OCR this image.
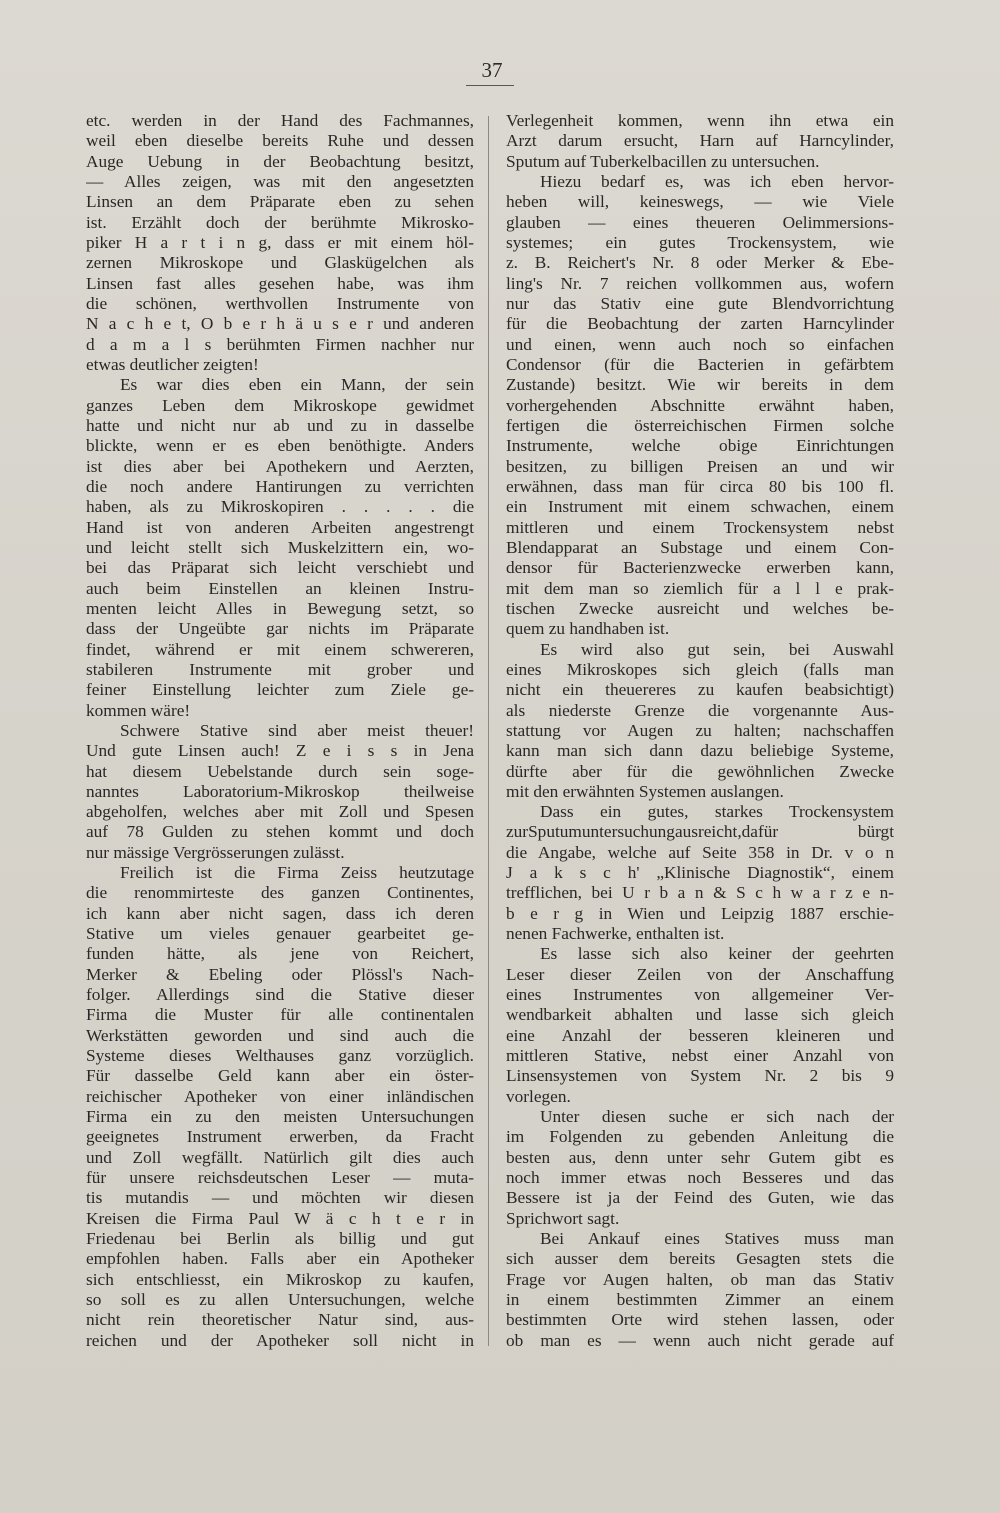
37
etc. werden in der Hand des Fachmannes,
weil eben dieselbe bereits Ruhe und dessen
Auge Uebung in der Beobachtung besitzt,
— Alles zeigen, was mit den angesetzten
Linsen an dem Präparate eben zu sehen
ist. Erzählt doch der berühmte Mikrosko-
piker H a r t i n g, dass er mit einem höl-
zernen Mikroskope und Glaskügelchen als
Linsen fast alles gesehen habe, was ihm
die schönen, werthvollen Instrumente von
N a c h e t, O b e r h ä u s e r und anderen
d a m a l s berühmten Firmen nachher nur
etwas deutlicher zeigten!
Es war dies eben ein Mann, der sein
ganzes Leben dem Mikroskope gewidmet
hatte und nicht nur ab und zu in dasselbe
blickte, wenn er es eben benöthigte. Anders
ist dies aber bei Apothekern und Aerzten,
die noch andere Hantirungen zu verrichten
haben, als zu Mikroskopiren . . . . . die
Hand ist von anderen Arbeiten angestrengt
und leicht stellt sich Muskelzittern ein, wo-
bei das Präparat sich leicht verschiebt und
auch beim Einstellen an kleinen Instru-
menten leicht Alles in Bewegung setzt, so
dass der Ungeübte gar nichts im Präparate
findet, während er mit einem schwereren,
stabileren Instrumente mit grober und
feiner Einstellung leichter zum Ziele ge-
kommen wäre!
Schwere Stative sind aber meist theuer!
Und gute Linsen auch! Z e i s s in Jena
hat diesem Uebelstande durch sein soge-
nanntes Laboratorium-Mikroskop theilweise
abgeholfen, welches aber mit Zoll und Spesen
auf 78 Gulden zu stehen kommt und doch
nur mässige Vergrösserungen zulässt.
Freilich ist die Firma Zeiss heutzutage
die renommirteste des ganzen Continentes,
ich kann aber nicht sagen, dass ich deren
Stative um vieles genauer gearbeitet ge-
funden hätte, als jene von Reichert,
Merker & Ebeling oder Plössl's Nach-
folger. Allerdings sind die Stative dieser
Firma die Muster für alle continentalen
Werkstätten geworden und sind auch die
Systeme dieses Welthauses ganz vorzüglich.
Für dasselbe Geld kann aber ein öster-
reichischer Apotheker von einer inländischen
Firma ein zu den meisten Untersuchungen
geeignetes Instrument erwerben, da Fracht
und Zoll wegfällt. Natürlich gilt dies auch
für unsere reichsdeutschen Leser — muta-
tis mutandis — und möchten wir diesen
Kreisen die Firma Paul W ä c h t e r in
Friedenau bei Berlin als billig und gut
empfohlen haben. Falls aber ein Apotheker
sich entschliesst, ein Mikroskop zu kaufen,
so soll es zu allen Untersuchungen, welche
nicht rein theoretischer Natur sind, aus-
reichen und der Apotheker soll nicht in
Verlegenheit kommen, wenn ihn etwa ein
Arzt darum ersucht, Harn auf Harncylinder,
Sputum auf Tuberkelbacillen zu untersuchen.
Hiezu bedarf es, was ich eben hervor-
heben will, keineswegs, — wie Viele
glauben — eines theueren Oelimmersions-
systemes; ein gutes Trockensystem, wie
z. B. Reichert's Nr. 8 oder Merker & Ebe-
ling's Nr. 7 reichen vollkommen aus, wofern
nur das Stativ eine gute Blendvorrichtung
für die Beobachtung der zarten Harncylinder
und einen, wenn auch noch so einfachen
Condensor (für die Bacterien in gefärbtem
Zustande) besitzt. Wie wir bereits in dem
vorhergehenden Abschnitte erwähnt haben,
fertigen die österreichischen Firmen solche
Instrumente, welche obige Einrichtungen
besitzen, zu billigen Preisen an und wir
erwähnen, dass man für circa 80 bis 100 fl.
ein Instrument mit einem schwachen, einem
mittleren und einem Trockensystem nebst
Blendapparat an Substage und einem Con-
densor für Bacterienzwecke erwerben kann,
mit dem man so ziemlich für a l l e prak-
tischen Zwecke ausreicht und welches be-
quem zu handhaben ist.
Es wird also gut sein, bei Auswahl
eines Mikroskopes sich gleich (falls man
nicht ein theuereres zu kaufen beabsichtigt)
als niederste Grenze die vorgenannte Aus-
stattung vor Augen zu halten; nachschaffen
kann man sich dann dazu beliebige Systeme,
dürfte aber für die gewöhnlichen Zwecke
mit den erwähnten Systemen auslangen.
Dass ein gutes, starkes Trockensystem
zurSputumuntersuchungausreicht,dafür bürgt
die Angabe, welche auf Seite 358 in Dr. v o n
J a k s c h' „Klinische Diagnostik“, einem
trefflichen, bei U r b a n & S c h w a r z e n-
b e r g in Wien und Leipzig 1887 erschie-
nenen Fachwerke, enthalten ist.
Es lasse sich also keiner der geehrten
Leser dieser Zeilen von der Anschaffung
eines Instrumentes von allgemeiner Ver-
wendbarkeit abhalten und lasse sich gleich
eine Anzahl der besseren kleineren und
mittleren Stative, nebst einer Anzahl von
Linsensystemen von System Nr. 2 bis 9
vorlegen.
Unter diesen suche er sich nach der
im Folgenden zu gebenden Anleitung die
besten aus, denn unter sehr Gutem gibt es
noch immer etwas noch Besseres und das
Bessere ist ja der Feind des Guten, wie das
Sprichwort sagt.
Bei Ankauf eines Statives muss man
sich ausser dem bereits Gesagten stets die
Frage vor Augen halten, ob man das Stativ
in einem bestimmten Zimmer an einem
bestimmten Orte wird stehen lassen, oder
ob man es — wenn auch nicht gerade auf
